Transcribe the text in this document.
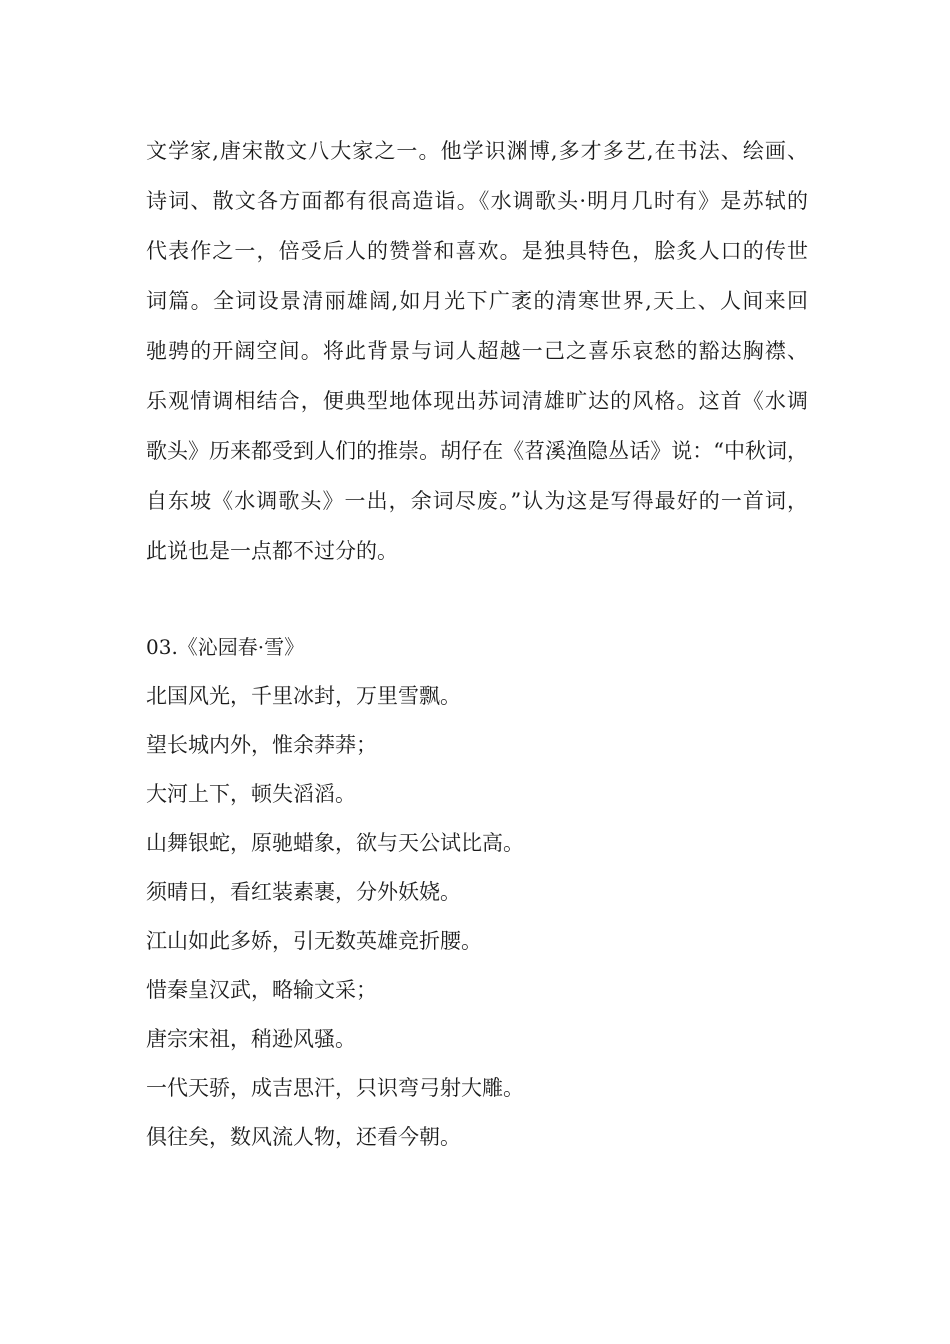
文学家,唐宋散文八大家之一。他学识渊博,多才多艺,在书法、绘画、
诗词、散文各方面都有很高造诣。《水调歌头·明月几时有》是苏轼的
代表作之一，倍受后人的赞誉和喜欢。是独具特色，脍炙人口的传世
词篇。全词设景清丽雄阔,如月光下广袤的清寒世界,天上、人间来回
驰骋的开阔空间。将此背景与词人超越一己之喜乐哀愁的豁达胸襟、
乐观情调相结合，便典型地体现出苏词清雄旷达的风格。这首《水调
歌头》历来都受到人们的推崇。胡仔在《苕溪渔隐丛话》说：“中秋词，
自东坡《水调歌头》一出，余词尽废。”认为这是写得最好的一首词，
此说也是一点都不过分的。
03.《沁园春·雪》
北国风光，千里冰封，万里雪飘。
望长城内外，惟余莽莽；
大河上下，顿失滔滔。
山舞银蛇，原驰蜡象，欲与天公试比高。
须晴日，看红装素裹，分外妖娆。
江山如此多娇，引无数英雄竞折腰。
惜秦皇汉武，略输文采；
唐宗宋祖，稍逊风骚。
一代天骄，成吉思汗，只识弯弓射大雕。
俱往矣，数风流人物，还看今朝。
